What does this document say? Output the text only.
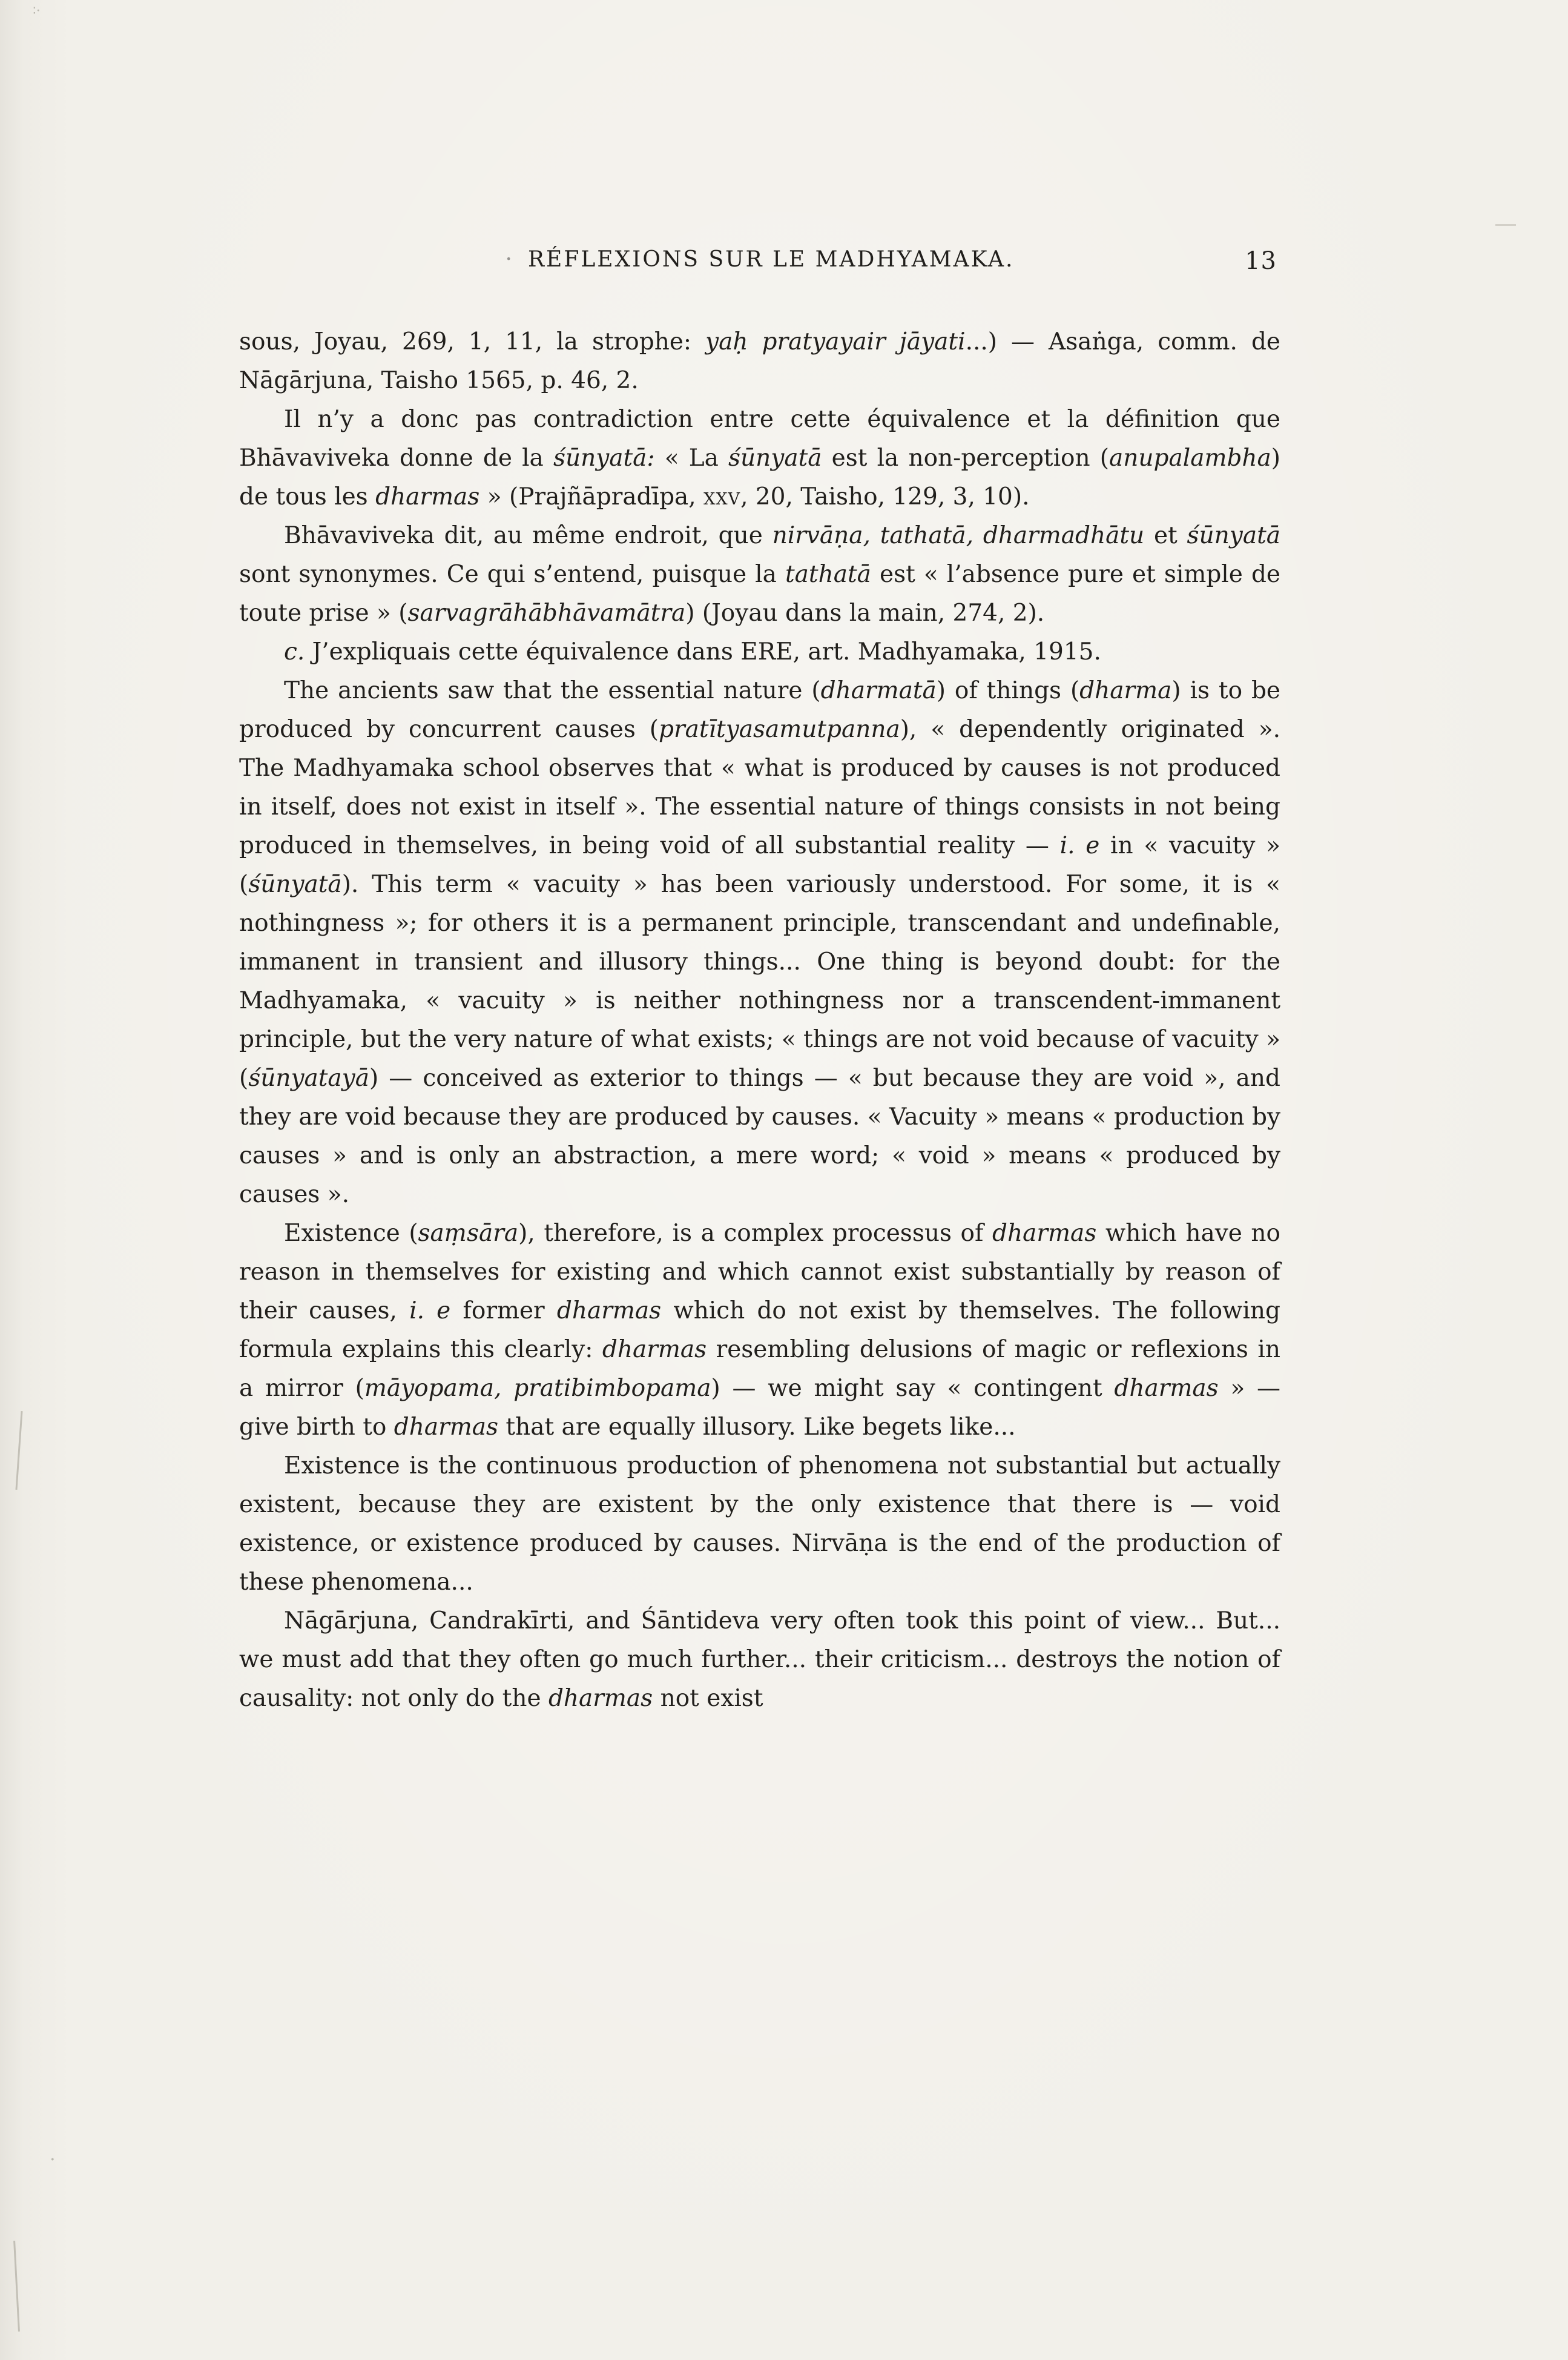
· RÉFLEXIONS SUR LE MADHYAMAKA.	13

sous, Joyau, 269, 1, 11, la strophe: yaḥ pratyayair jāyati...) — Asaṅga, comm. de Nāgārjuna, Taisho 1565, p. 46, 2.

Il n’y a donc pas contradiction entre cette équivalence et la définition que Bhāvaviveka donne de la śūnyatā: « La śūnyatā est la non-perception (anupalambha) de tous les dharmas » (Prajñāpradīpa, xxv, 20, Taisho, 129, 3, 10).

Bhāvaviveka dit, au même endroit, que nirvāṇa, tathatā, dharmadhātu et śūnyatā sont synonymes. Ce qui s’entend, puisque la tathatā est « l’absence pure et simple de toute prise » (sarvagrāhābhāvamātra) (Joyau dans la main, 274, 2).

c. J’expliquais cette équivalence dans ERE, art. Madhyamaka, 1915.

The ancients saw that the essential nature (dharmatā) of things (dharma) is to be produced by concurrent causes (pratītyasamutpanna), « dependently originated ». The Madhyamaka school observes that « what is produced by causes is not produced in itself, does not exist in itself ». The essential nature of things consists in not being produced in themselves, in being void of all substantial reality — i. e in « vacuity » (śūnyatā). This term « vacuity » has been variously understood. For some, it is « nothingness »; for others it is a permanent principle, transcendant and undefinable, immanent in transient and illusory things... One thing is beyond doubt: for the Madhyamaka, « vacuity » is neither nothingness nor a transcendent-immanent principle, but the very nature of what exists; « things are not void because of vacuity » (śūnyatayā) — conceived as exterior to things — « but because they are void », and they are void because they are produced by causes. « Vacuity » means « production by causes » and is only an abstraction, a mere word; « void » means « produced by causes ».

Existence (saṃsāra), therefore, is a complex processus of dharmas which have no reason in themselves for existing and which cannot exist substantially by reason of their causes, i. e former dharmas which do not exist by themselves. The following formula explains this clearly: dharmas resembling delusions of magic or reflexions in a mirror (māyopama, pratibimbopama) — we might say « contingent dharmas » — give birth to dharmas that are equally illusory. Like begets like...

Existence is the continuous production of phenomena not substantial but actually existent, because they are existent by the only existence that there is — void existence, or existence produced by causes. Nirvāṇa is the end of the production of these phenomena...

Nāgārjuna, Candrakīrti, and Śāntideva very often took this point of view... But... we must add that they often go much further... their criticism... destroys the notion of causality: not only do the dharmas not exist

∶·
.
